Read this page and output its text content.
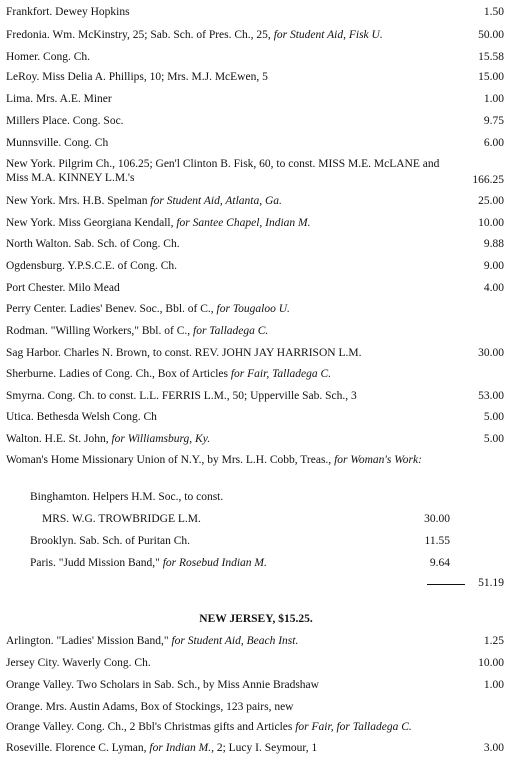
Frankfort. Dewey Hopkins	1.50
Fredonia. Wm. McKinstry, 25; Sab. Sch. of Pres. Ch., 25, for Student Aid, Fisk U.	50.00
Homer. Cong. Ch.	15.58
LeRoy. Miss Delia A. Phillips, 10; Mrs. M.J. McEwen, 5	15.00
Lima. Mrs. A.E. Miner	1.00
Millers Place. Cong. Soc.	9.75
Munnsville. Cong. Ch	6.00
New York. Pilgrim Ch., 106.25; Gen'l Clinton B. Fisk, 60, to const. MISS M.E. McLANE and Miss M.A. KINNEY L.M.'s	166.25
New York. Mrs. H.B. Spelman for Student Aid, Atlanta, Ga.	25.00
New York. Miss Georgiana Kendall, for Santee Chapel, Indian M.	10.00
North Walton. Sab. Sch. of Cong. Ch.	9.88
Ogdensburg. Y.P.S.C.E. of Cong. Ch.	9.00
Port Chester. Milo Mead	4.00
Perry Center. Ladies' Benev. Soc., Bbl. of C., for Tougaloo U.
Rodman. "Willing Workers," Bbl. of C., for Talladega C.
Sag Harbor. Charles N. Brown, to const. REV. JOHN JAY HARRISON L.M.	30.00
Sherburne. Ladies of Cong. Ch., Box of Articles for Fair, Talladega C.
Smyrna. Cong. Ch. to const. L.L. FERRIS L.M., 50; Upperville Sab. Sch., 3	53.00
Utica. Bethesda Welsh Cong. Ch	5.00
Walton. H.E. St. John, for Williamsburg, Ky.	5.00
Woman's Home Missionary Union of N.Y., by Mrs. L.H. Cobb, Treas., for Woman's Work:
Binghamton. Helpers H.M. Soc., to const.
MRS. W.G. TROWBRIDGE L.M.	30.00
Brooklyn. Sab. Sch. of Puritan Ch.	11.55
Paris. "Judd Mission Band," for Rosebud Indian M.	9.64
51.19
NEW JERSEY, $15.25.
Arlington. "Ladies' Mission Band," for Student Aid, Beach Inst.	1.25
Jersey City. Waverly Cong. Ch.	10.00
Orange Valley. Two Scholars in Sab. Sch., by Miss Annie Bradshaw	1.00
Orange. Mrs. Austin Adams, Box of Stockings, 123 pairs, new
Orange Valley. Cong. Ch., 2 Bbl's Christmas gifts and Articles for Fair, for Talladega C.
Roseville. Florence C. Lyman, for Indian M., 2; Lucy I. Seymour, 1	3.00
